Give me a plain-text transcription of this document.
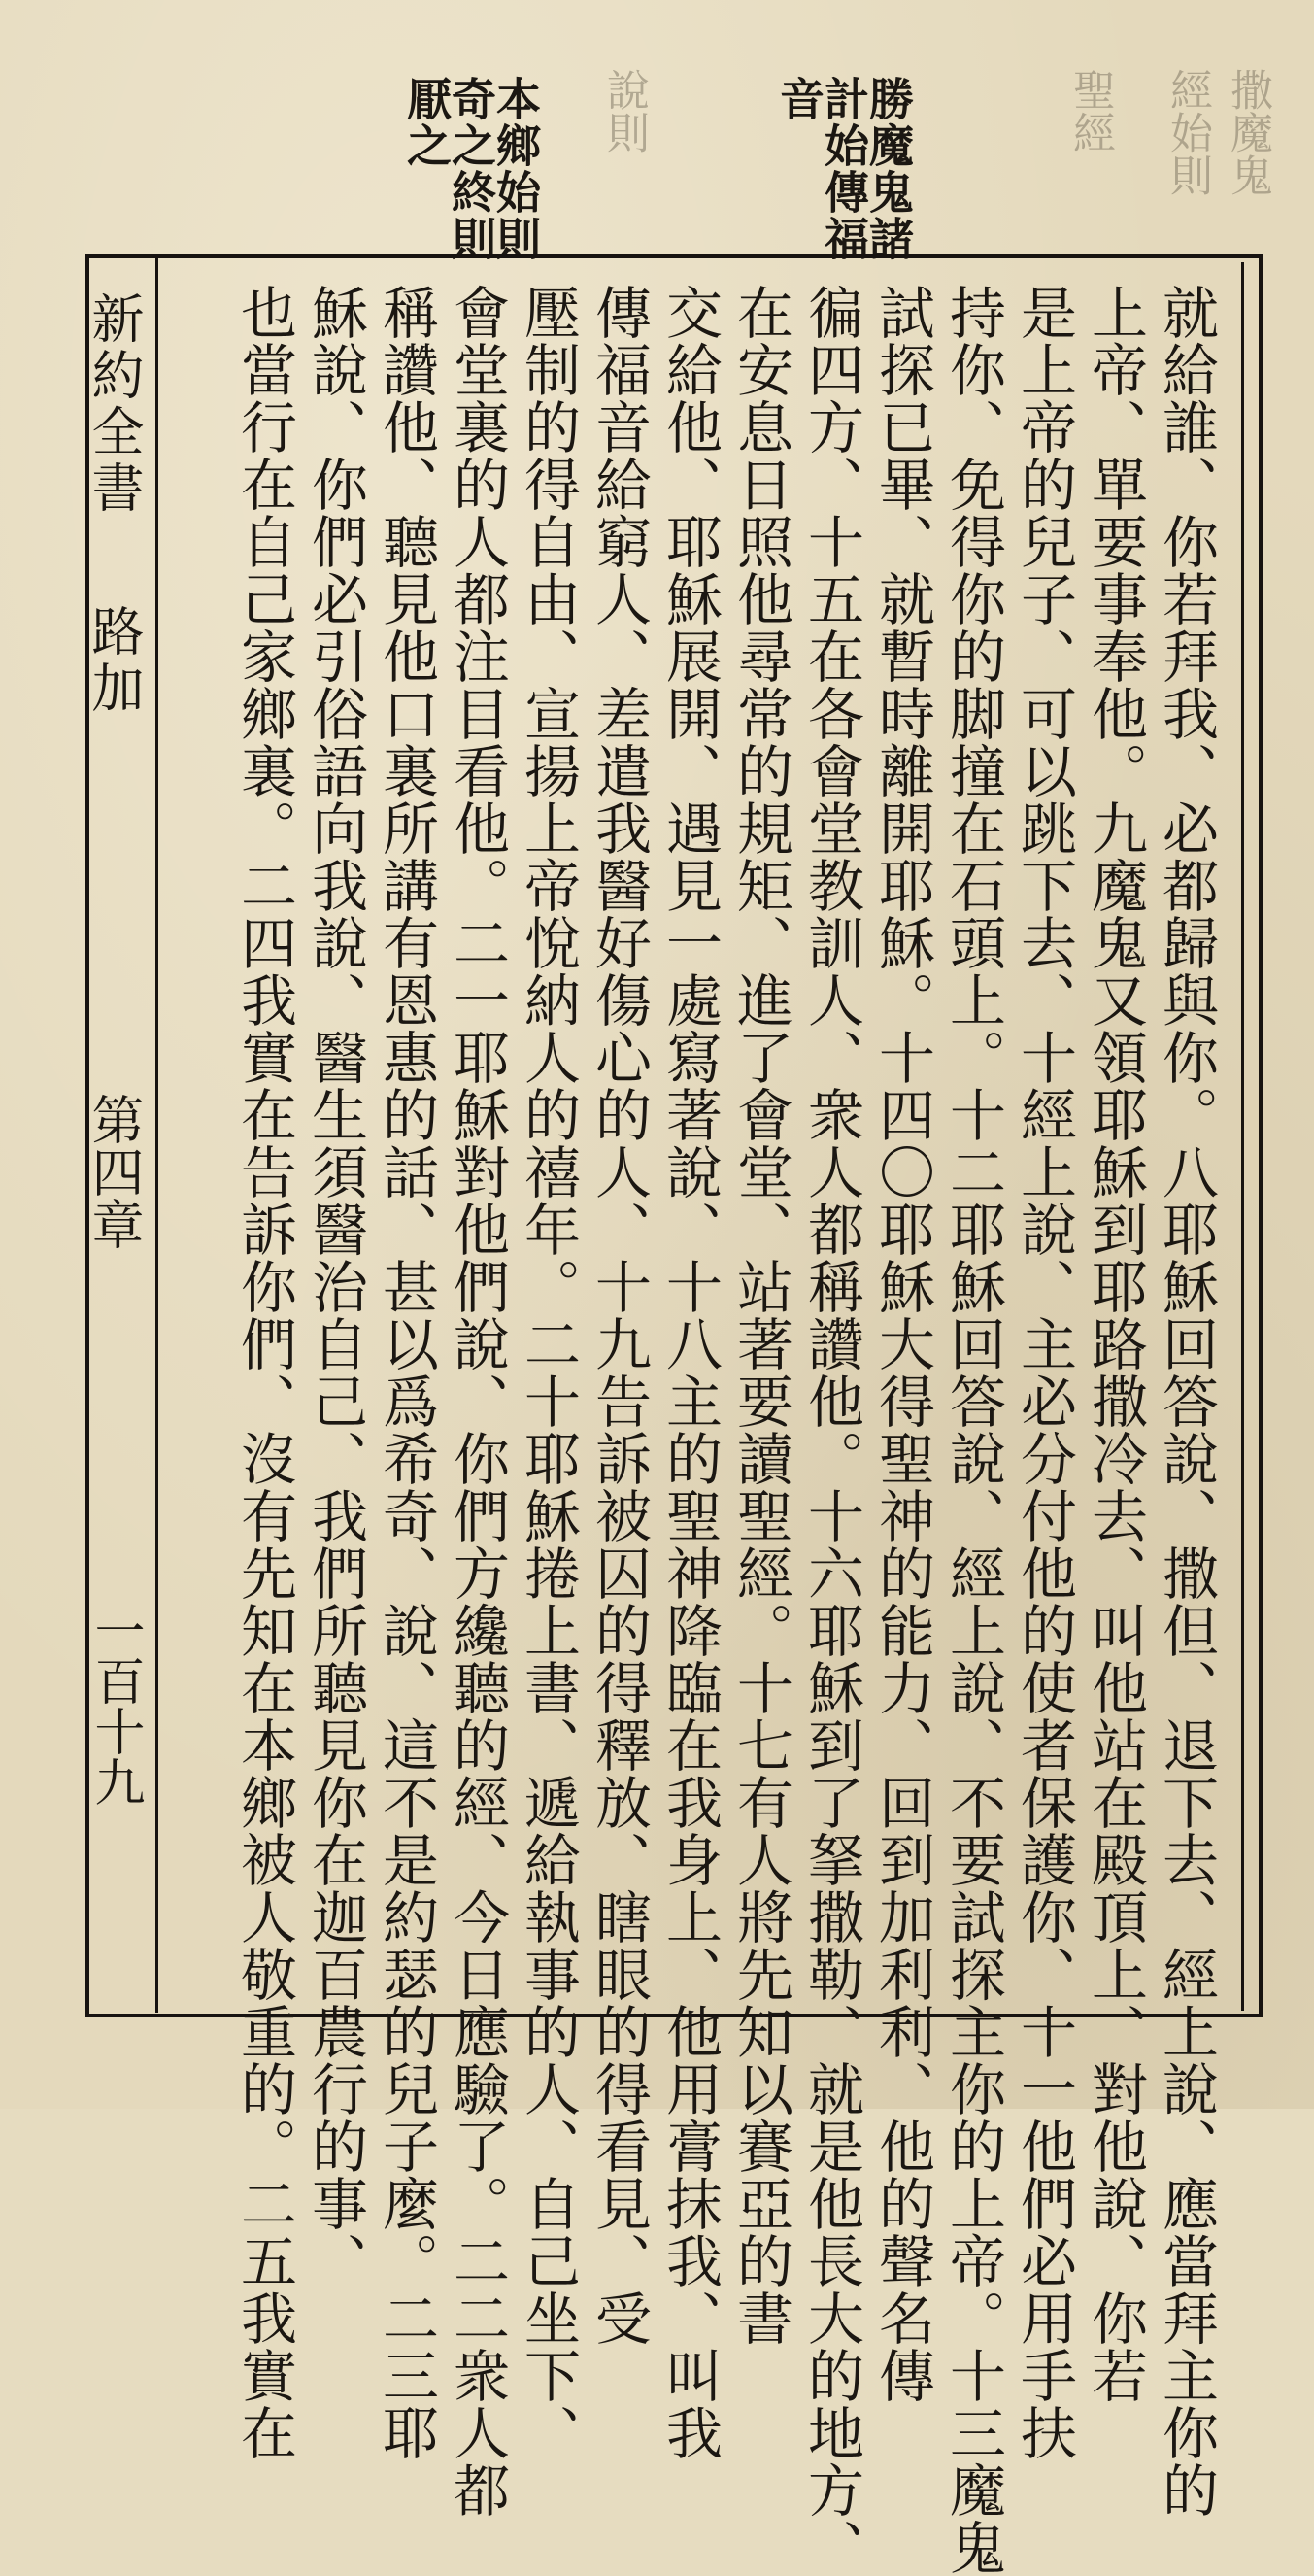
撒魔鬼
經始則
聖經
說則	勝魔鬼諸
計始傳福
音
本鄉始則
奇之終則
厭之
就給誰、你若拜我、必都歸與你。八耶穌回答說、撒但、退下去、經上說、應當拜主你的
上帝、單要事奉他。九魔鬼又領耶穌到耶路撒冷去、叫他站在殿頂上、對他說、你若
是上帝的兒子、可以跳下去、十經上說、主必分付他的使者保護你、十一他們必用手扶
持你、免得你的脚撞在石頭上。十二耶穌回答說、經上說、不要試探主你的上帝。十三魔鬼
試探已畢、就暫時離開耶穌。十四〇耶穌大得聖神的能力、回到加利利、他的聲名傳
徧四方、十五在各會堂教訓人、衆人都稱讚他。十六耶穌到了拏撒勒、就是他長大的地方、
在安息日照他尋常的規矩、進了會堂、站著要讀聖經。十七有人將先知以賽亞的書
交給他、耶穌展開、遇見一處寫著說、十八主的聖神降臨在我身上、他用膏抹我、叫我
傳福音給窮人、差遣我醫好傷心的人、十九告訴被囚的得釋放、瞎眼的得看見、受
壓制的得自由、宣揚上帝悅納人的禧年。二十耶穌捲上書、遞給執事的人、自己坐下、
會堂裏的人都注目看他。二一耶穌對他們說、你們方纔聽的經、今日應驗了。二二衆人都
稱讚他、聽見他口裏所講有恩惠的話、甚以爲希奇、說、這不是約瑟的兒子麼。二三耶
穌說、你們必引俗語向我說、醫生須醫治自己、我們所聽見你在迦百農行的事、
也當行在自己家鄉裏。二四我實在告訴你們、沒有先知在本鄉被人敬重的。二五我實在
新約全書路加
第四章
一百十九
